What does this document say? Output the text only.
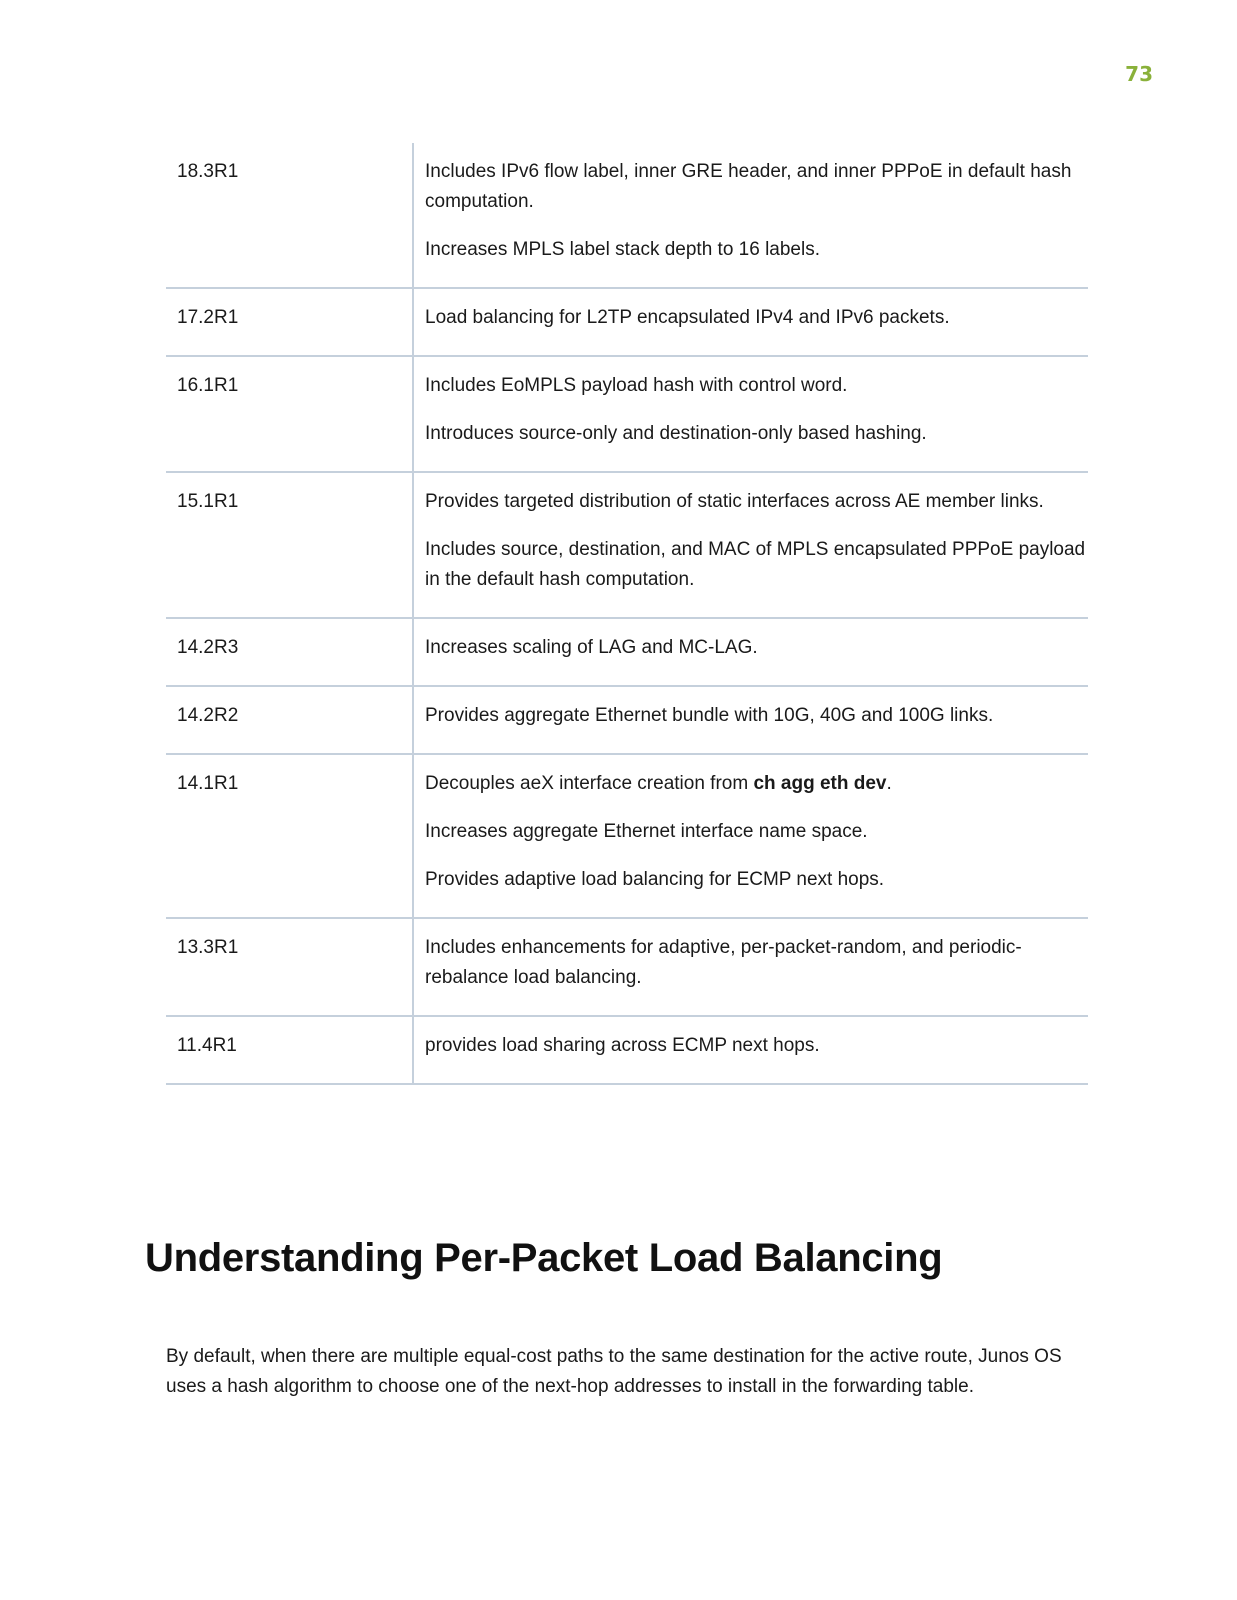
73
18.3R1	Includes IPv6 flow label, inner GRE header, and inner PPPoE in default hash computation.

Increases MPLS label stack depth to 16 labels.

17.2R1	Load balancing for L2TP encapsulated IPv4 and IPv6 packets.

16.1R1	Includes EoMPLS payload hash with control word.

Introduces source-only and destination-only based hashing.

15.1R1	Provides targeted distribution of static interfaces across AE member links.

Includes source, destination, and MAC of MPLS encapsulated PPPoE payload in the default hash computation.

14.2R3	Increases scaling of LAG and MC-LAG.

14.2R2	Provides aggregate Ethernet bundle with 10G, 40G and 100G links.

14.1R1	Decouples aeX interface creation from ch agg eth dev.

Increases aggregate Ethernet interface name space.

Provides adaptive load balancing for ECMP next hops.

13.3R1	Includes enhancements for adaptive, per-packet-random, and periodic-rebalance load balancing.

11.4R1	provides load sharing across ECMP next hops.

Understanding Per-Packet Load Balancing

By default, when there are multiple equal-cost paths to the same destination for the active route, Junos OS uses a hash algorithm to choose one of the next-hop addresses to install in the forwarding table.
